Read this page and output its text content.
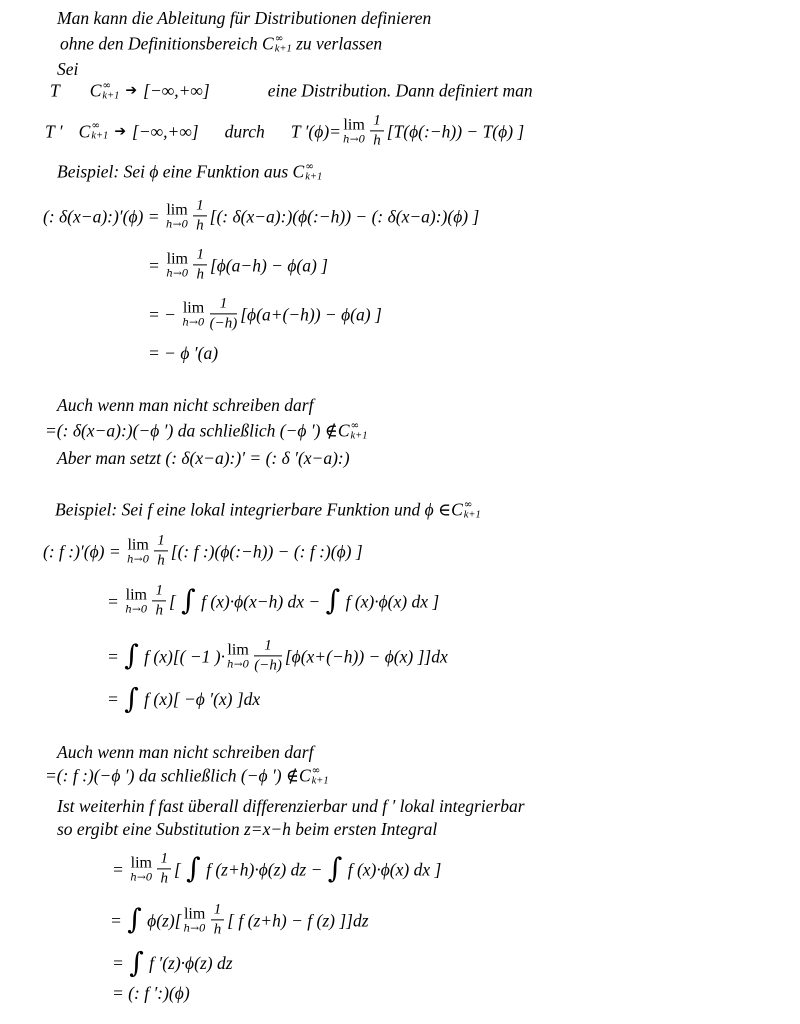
Man kann die Ableitung für Distributionen definieren
ohne den Definitionsbereich C ∞
k+1 zu verlassen
Sei
T C ∞
k+1 ➔ [−∞,+∞]	eine Distribution. Dann definiert man
T ′ C ∞
k+1 ➔ [−∞,+∞] durch T ′(ϕ)= lim
$h\to 0 \frac{1}{h}$ [T(ϕ(:−h)) − T(ϕ) ]
Beispiel: Sei ϕ eine Funktion aus C ∞
k+1
(: δ(x−a):)′(ϕ) = lim
$h\to 0 \frac{1}{h}$ [(: δ(x−a):)(ϕ(:−h)) − (: δ(x−a):)(ϕ) ]
= lim
$h\to 0 \frac{1}{h} [\phi(a-h) - \phi(a)$ ]
= − lim
$h\to 0 \frac{1}{(-h)} [\phi(a+(-h)) - \phi(a)$ ]
= − ϕ ′(a)
Auch wenn man nicht schreiben darf
=(: δ(x−a):)(−ϕ ′) da schließlich (−ϕ ′) ∉ C ∞
k+1
Aber man setzt (: δ(x−a):)′ = (: δ ′(x−a):)
Beispiel: Sei f eine lokal integrierbare Funktion und ϕ ∈ C ∞
k+1
(: f :)′(ϕ) = lim
$h\to 0 \frac{1}{h}$ [(: f :)(ϕ(:−h)) − (: f :)(ϕ) ]
= lim
$h\to 0 \frac{1}{h}$ [ ∫ f (x)·ϕ(x−h) dx − ∫ f (x)·ϕ(x) dx ]
= ∫ f (x)[( −1 )· lim
$h\to 0 \frac{1}{(-h)} [\phi(x+(-h)) - \phi(x)$ ]]dx
= ∫ f (x)[ −ϕ ′(x) ]dx
Auch wenn man nicht schreiben darf
=(: f :)(−ϕ ′) da schließlich (−ϕ ′) ∉ C ∞
k+1
Ist weiterhin f fast überall differenzierbar und f ′ lokal integrierbar
so ergibt eine Substitution z=x−h beim ersten Integral
= lim
$h\to 0 \frac{1}{h}$ [ ∫ f (z+h)·ϕ(z) dz − ∫ f (x)·ϕ(x) dx ]
= ∫ ϕ(z)[ lim
$h\to 0 \frac{1}{h}$ [ f (z+h) − f (z) ]]dz
= ∫ f ′(z)·ϕ(z) dz
= (: f ′:)(ϕ)
